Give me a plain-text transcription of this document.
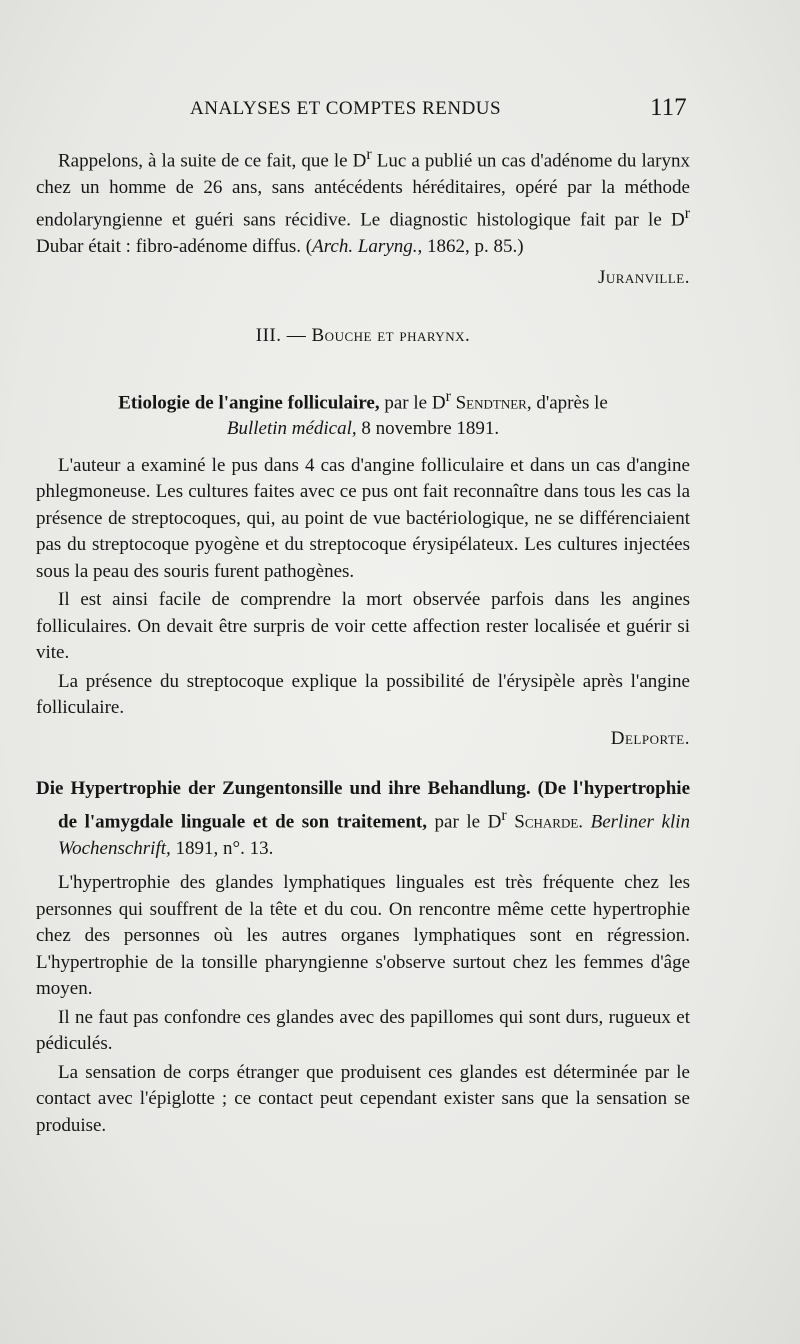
ANALYSES ET COMPTES RENDUS	117

Rappelons, à la suite de ce fait, que le $D^r$ Luc a publié un cas d'adénome du larynx chez un homme de 26 ans, sans antécédents héréditaires, opéré par la méthode endolaryngienne et guéri sans récidive. Le diagnostic histologique fait par le $D^r$ Dubar était : fibro-adénome diffus. (Arch. Laryng., 1862, p. 85.)

Juranville.

III. — Bouche et pharynx.

Etiologie de l'angine folliculaire, par le $D^r$ Sendtner, d'après le
Bulletin médical, 8 novembre 1891.

L'auteur a examiné le pus dans 4 cas d'angine folliculaire et dans un cas d'angine phlegmoneuse. Les cultures faites avec ce pus ont fait reconnaître dans tous les cas la présence de streptocoques, qui, au point de vue bactériologique, ne se différenciaient pas du streptocoque pyogène et du streptocoque érysipélateux. Les cultures injectées sous la peau des souris furent pathogènes.

Il est ainsi facile de comprendre la mort observée parfois dans les angines folliculaires. On devait être surpris de voir cette affection rester localisée et guérir si vite.

La présence du streptocoque explique la possibilité de l'érysipèle après l'angine folliculaire.

Delporte.

Die Hypertrophie der Zungentonsille und ihre Behandlung. (De l'hypertrophie de l'amygdale linguale et de son traitement, par le $D^r$ Scharde. Berliner klin Wochenschrift, 1891, n°. 13.

L'hypertrophie des glandes lymphatiques linguales est très fréquente chez les personnes qui souffrent de la tête et du cou. On rencontre même cette hypertrophie chez des personnes où les autres organes lymphatiques sont en régression. L'hypertrophie de la tonsille pharyngienne s'observe surtout chez les femmes d'âge moyen.

Il ne faut pas confondre ces glandes avec des papillomes qui sont durs, rugueux et pédiculés.

La sensation de corps étranger que produisent ces glandes est déterminée par le contact avec l'épiglotte ; ce contact peut cependant exister sans que la sensation se produise.
